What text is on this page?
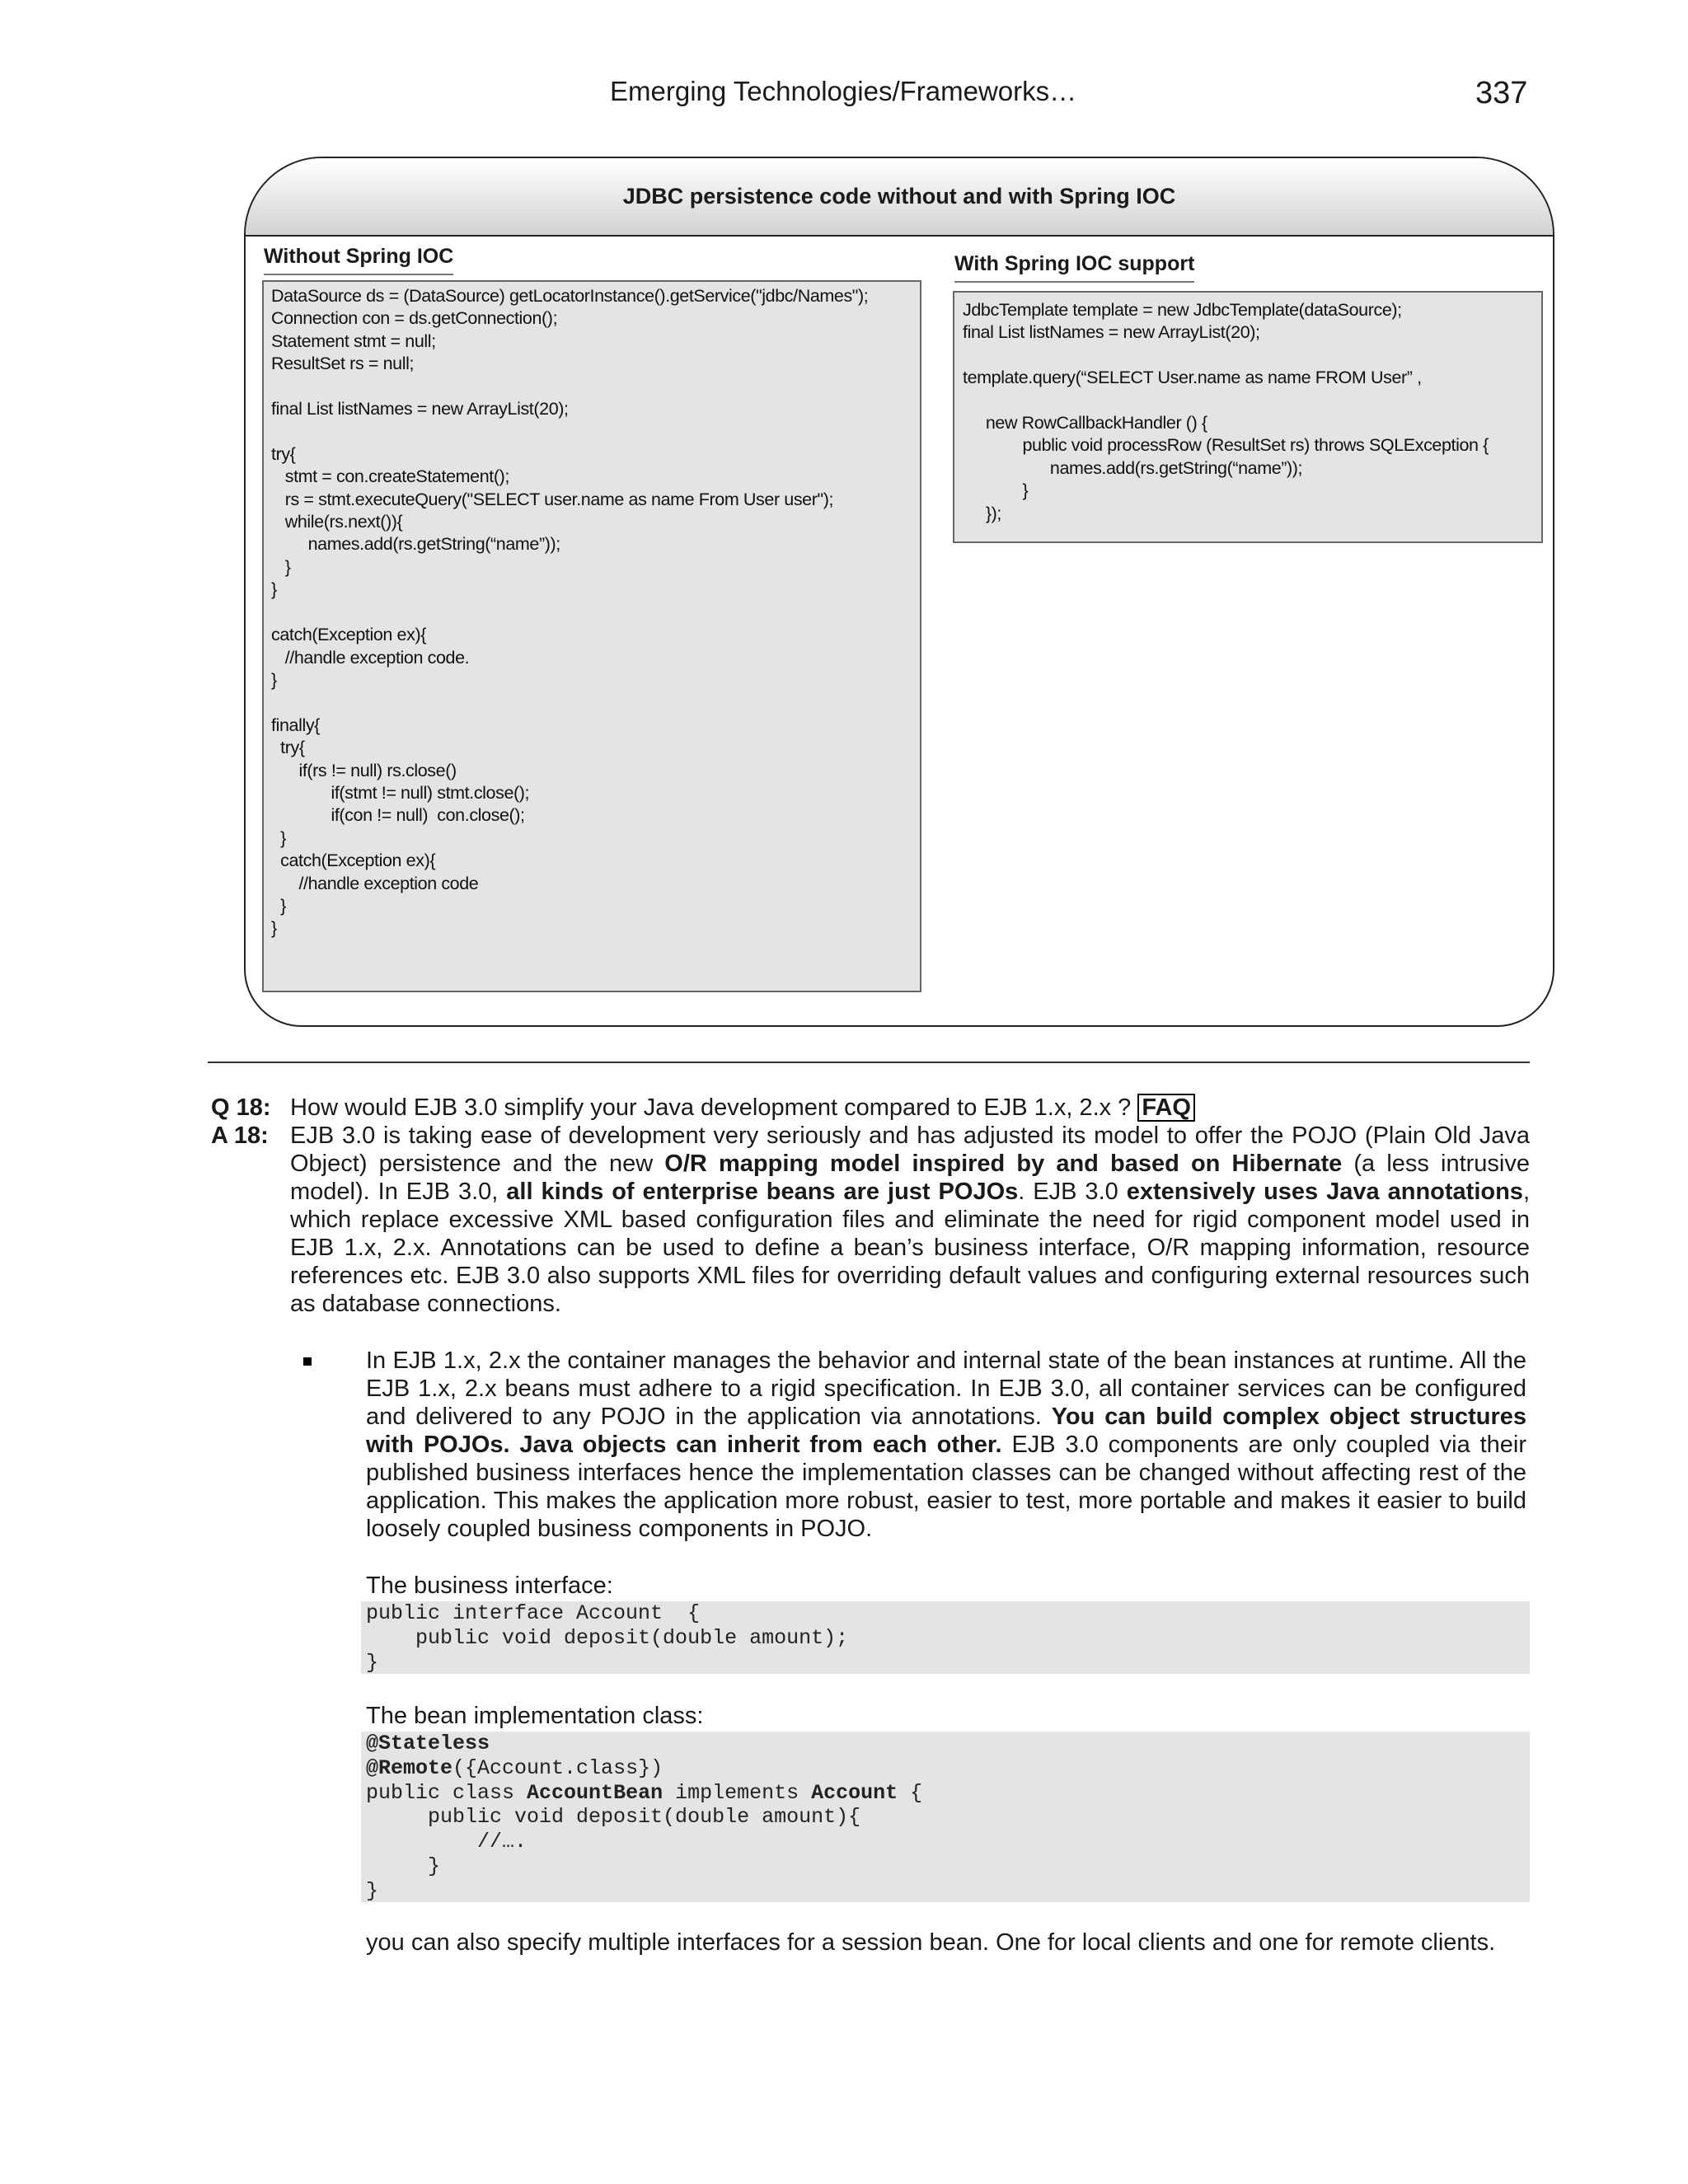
Emerging Technologies/Frameworks…	337
JDBC persistence code without and with Spring IOC
Without Spring IOC
DataSource ds = (DataSource) getLocatorInstance().getService("jdbc/Names");
Connection con = ds.getConnection();
Statement stmt = null;
ResultSet rs = null;

final List listNames = new ArrayList(20);

try{
stmt = con.createStatement();
rs = stmt.executeQuery("SELECT user.name as name From User user");
while(rs.next()){
names.add(rs.getString(“name”));
}
}

catch(Exception ex){
//handle exception code.
}

finally{
try{
if(rs != null) rs.close()
if(stmt != null) stmt.close();
if(con != null)  con.close();
}
catch(Exception ex){
//handle exception code
}
}
With Spring IOC support
JdbcTemplate template = new JdbcTemplate(dataSource);
final List listNames = new ArrayList(20);

template.query(“SELECT User.name as name FROM User” ,

new RowCallbackHandler () {
public void processRow (ResultSet rs) throws SQLException {
names.add(rs.getString(“name”));
}
});
Q 18: How would EJB 3.0 simplify your Java development compared to EJB 1.x, 2.x ? FAQ
A 18: EJB 3.0 is taking ease of development very seriously and has adjusted its model to offer the POJO (Plain Old Java Object) persistence and the new O/R mapping model inspired by and based on Hibernate (a less intrusive model). In EJB 3.0, all kinds of enterprise beans are just POJOs. EJB 3.0 extensively uses Java annotations, which replace excessive XML based configuration files and eliminate the need for rigid component model used in EJB 1.x, 2.x. Annotations can be used to define a bean’s business interface, O/R mapping information, resource references etc. EJB 3.0 also supports XML files for overriding default values and configuring external resources such as database connections.
In EJB 1.x, 2.x the container manages the behavior and internal state of the bean instances at runtime. All the EJB 1.x, 2.x beans must adhere to a rigid specification. In EJB 3.0, all container services can be configured and delivered to any POJO in the application via annotations. You can build complex object structures with POJOs. Java objects can inherit from each other. EJB 3.0 components are only coupled via their published business interfaces hence the implementation classes can be changed without affecting rest of the application. This makes the application more robust, easier to test, more portable and makes it easier to build loosely coupled business components in POJO.
The business interface:
public interface Account  {
public void deposit(double amount);
}
The bean implementation class:
@Stateless
@Remote({Account.class})
public class AccountBean implements Account {
public void deposit(double amount){
//….
}
}
you can also specify multiple interfaces for a session bean. One for local clients and one for remote clients.
